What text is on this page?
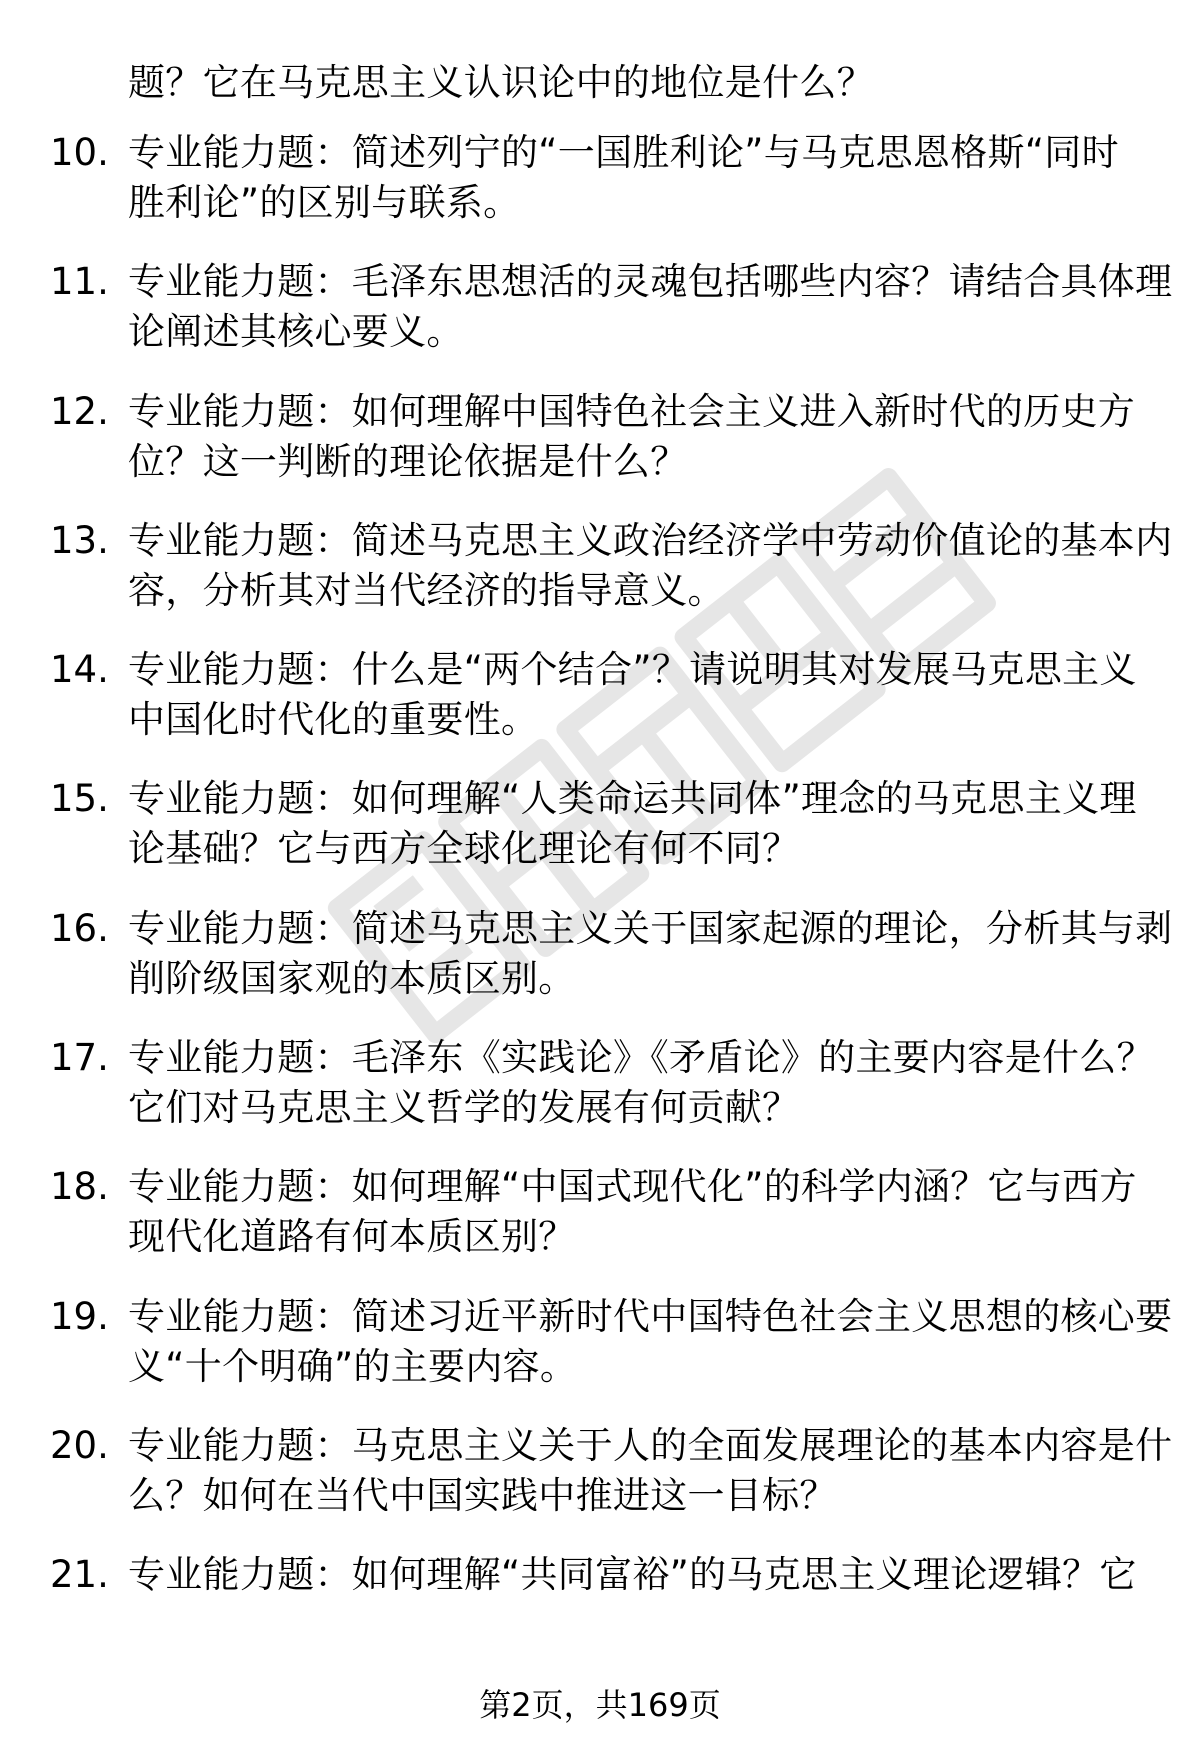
题？它在马克思主义认识论中的地位是什么？
10. 专业能力题：简述列宁的“一国胜利论”与马克思恩格斯“同时
胜利论”的区别与联系。
11. 专业能力题：毛泽东思想活的灵魂包括哪些内容？请结合具体理
论阐述其核心要义。
12. 专业能力题：如何理解中国特色社会主义进入新时代的历史方
位？这一判断的理论依据是什么？
13. 专业能力题：简述马克思主义政治经济学中劳动价值论的基本内
容，分析其对当代经济的指导意义。
14. 专业能力题：什么是“两个结合”？请说明其对发展马克思主义
中国化时代化的重要性。
15. 专业能力题：如何理解“人类命运共同体”理念的马克思主义理
论基础？它与西方全球化理论有何不同？
16. 专业能力题：简述马克思主义关于国家起源的理论，分析其与剥
削阶级国家观的本质区别。
17. 专业能力题：毛泽东《实践论》《矛盾论》的主要内容是什么？
它们对马克思主义哲学的发展有何贡献？
18. 专业能力题：如何理解“中国式现代化”的科学内涵？它与西方
现代化道路有何本质区别？
19. 专业能力题：简述习近平新时代中国特色社会主义思想的核心要
义“十个明确”的主要内容。
20. 专业能力题：马克思主义关于人的全面发展理论的基本内容是什
么？如何在当代中国实践中推进这一目标？
21. 专业能力题：如何理解“共同富裕”的马克思主义理论逻辑？它
第2页，共169页
